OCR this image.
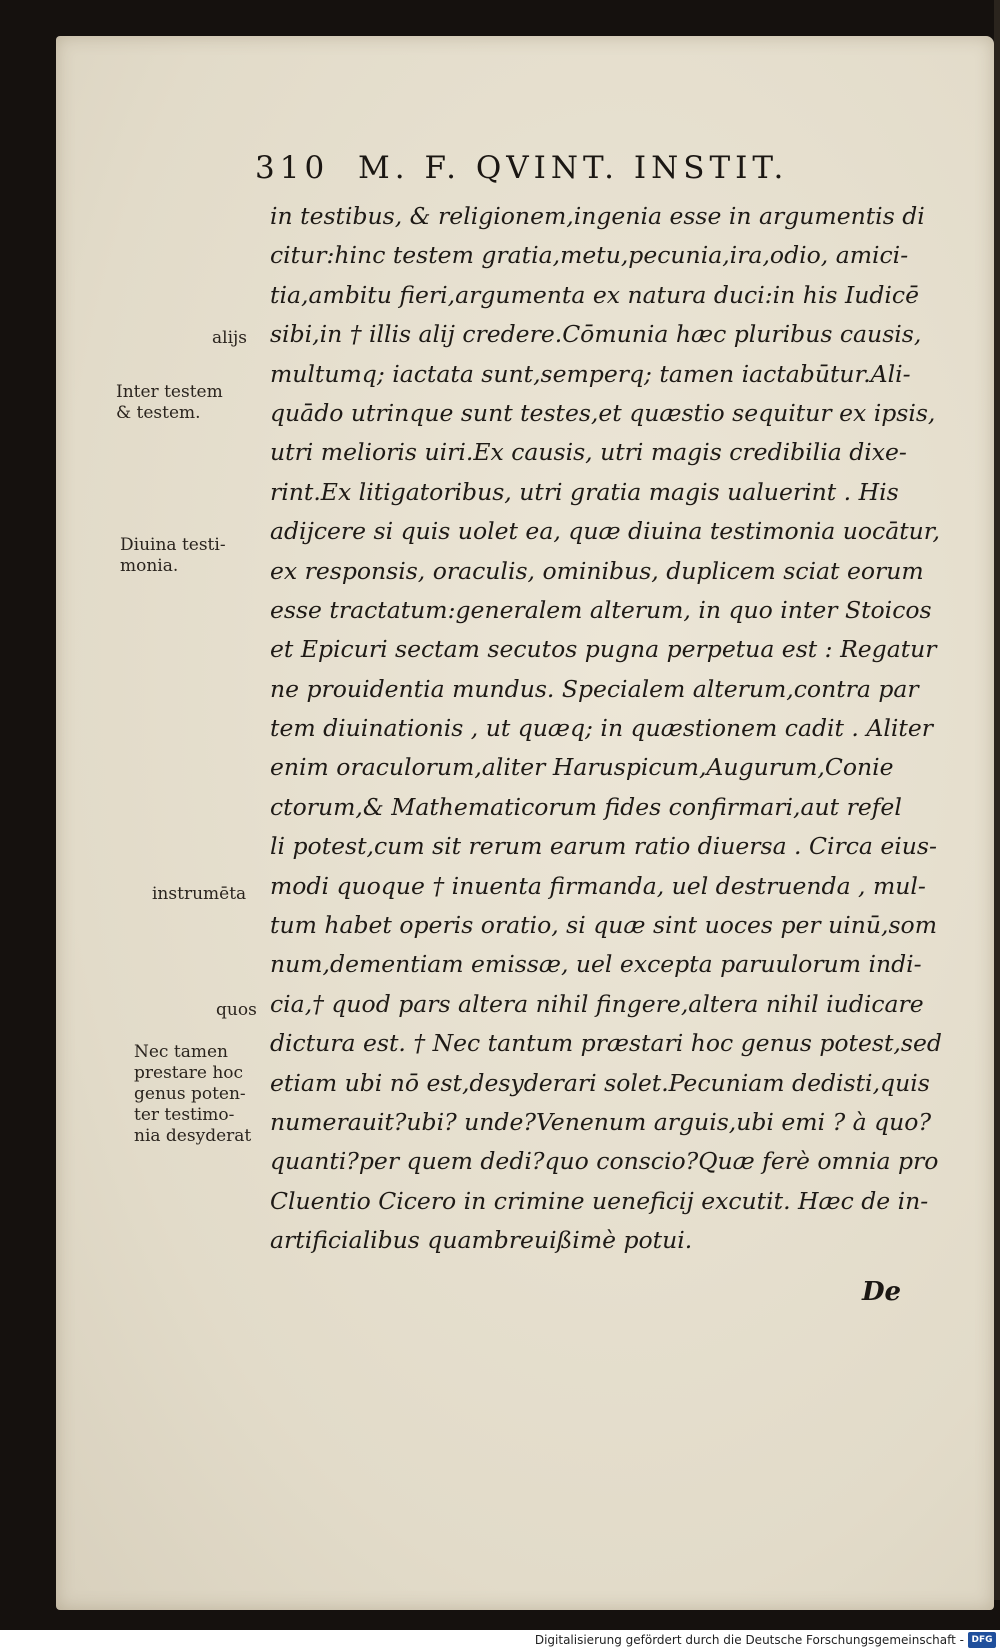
310 M. F. QVINT. INSTIT.
in testibus, & religionem,ingenia esse in argumentis di
citur:hinc testem gratia,metu,pecunia,ira,odio, amici-
tia,ambitu fieri,argumenta ex natura duci:in his Iudicē
sibi,in † illis alij credere.Cōmunia hæc pluribus causis,
multumq; iactata sunt,semperq; tamen iactabūtur.Ali-
quādo utrinque sunt testes,et quæstio sequitur ex ipsis,
utri melioris uiri.Ex causis, utri magis credibilia dixe-
rint.Ex litigatoribus, utri gratia magis ualuerint . His
adijcere si quis uolet ea, quæ diuina testimonia uocātur,
ex responsis, oraculis, ominibus, duplicem sciat eorum
esse tractatum:generalem alterum, in quo inter Stoicos
et Epicuri sectam secutos pugna perpetua est : Regatur
ne prouidentia mundus. Specialem alterum,contra par
tem diuinationis , ut quæq; in quæstionem cadit . Aliter
enim oraculorum,aliter Haruspicum,Augurum,Conie
ctorum,& Mathematicorum fides confirmari,aut refel
li potest,cum sit rerum earum ratio diuersa . Circa eius-
modi quoque † inuenta firmanda, uel destruenda , mul-
tum habet operis oratio, si quæ sint uoces per uinū,som
num,dementiam emissæ, uel excepta paruulorum indi-
cia,† quod pars altera nihil fingere,altera nihil iudicare
dictura est. † Nec tantum præstari hoc genus potest,sed
etiam ubi nō est,desyderari solet.Pecuniam dedisti,quis
numerauit?ubi? unde?Venenum arguis,ubi emi ? à quo?
quanti?per quem dedi?quo conscio?Quæ ferè omnia pro
Cluentio Cicero in crimine ueneficij excutit. Hæc de in-
artificialibus quambreuißimè potui.
alijs
Inter testem
& testem.
Diuina testi-
monia.
instrumēta
quos
Nec tamen
prestare hoc
genus poten-
ter testimo-
nia desyderat
De
Digitalisierung gefördert durch die Deutsche Forschungsgemeinschaft - DFG
